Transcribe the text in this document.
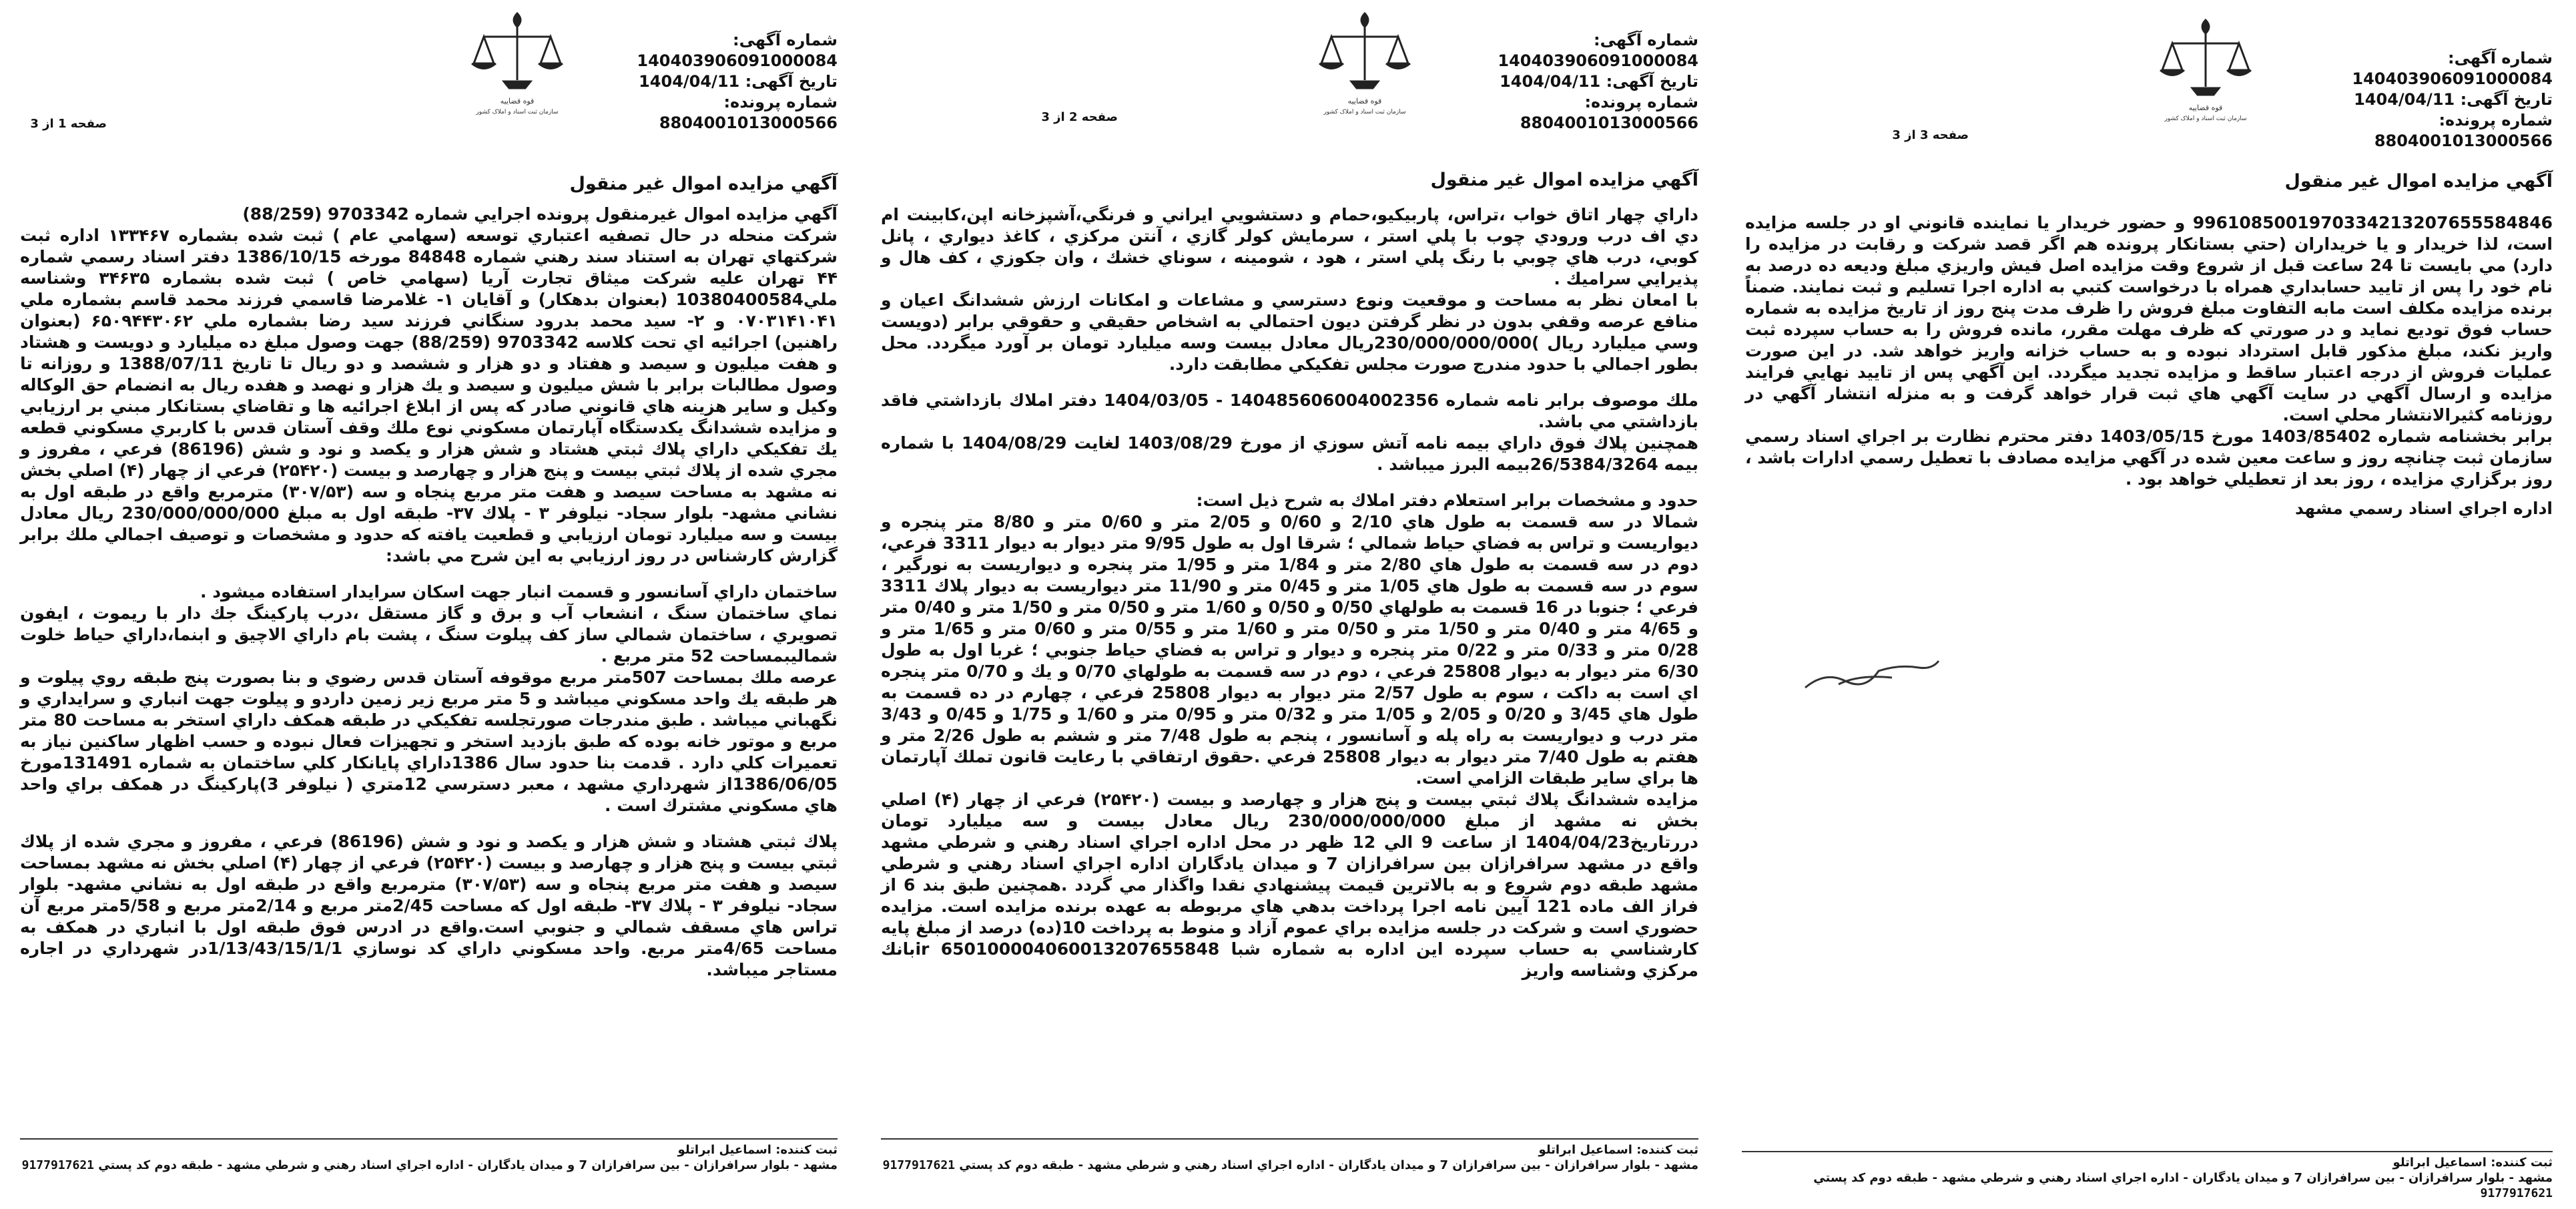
شماره آگهی: 140403906091000084
تاریخ آگهی: 1404/04/11
شماره پرونده: 8804001013000566
قوه قضاييه
سازمان ثبت اسناد و املاک کشور
صفحه 3 از 3
آگهي مزايده اموال غير منقول

9961085001970334213207655584846 و حضور خريدار يا نماينده قانوني او در جلسه مزايده است، لذا خريدار و يا خريداران (حتي بستانكار پرونده هم اگر قصد شركت و رقابت در مزايده را دارد) مي بايست تا 24 ساعت قبل از شروع وقت مزايده اصل فيش واريزي مبلغ وديعه ده درصد به نام خود را پس از تاييد حسابداري همراه با درخواست كتبي به اداره اجرا تسليم و ثبت نمايند. ضمناً برنده مزايده مكلف است مابه التفاوت مبلغ فروش را ظرف مدت پنج روز از تاريخ مزايده به شماره حساب فوق توديع نمايد و در صورتي كه ظرف مهلت مقرر، مانده فروش را به حساب سپرده ثبت واريز نكند، مبلغ مذكور قابل استرداد نبوده و به حساب خزانه واريز خواهد شد. در اين صورت عمليات فروش از درجه اعتبار ساقط و مزايده تجديد ميگردد. اين آگهي پس از تاييد نهايي فرايند مزايده و ارسال آگهي در سايت آگهي هاي ثبت قرار خواهد گرفت و به منزله انتشار آگهي در روزنامه كثيرالانتشار محلي است.

برابر بخشنامه شماره 1403/85402 مورخ 1403/05/15 دفتر محترم نظارت بر اجراي اسناد رسمي سازمان ثبت چنانچه روز و ساعت معين شده در آگهي مزايده مصادف با تعطيل رسمي ادارات باشد ، روز برگزاري مزايده ، روز بعد از تعطيلي خواهد بود .

اداره اجراي اسناد رسمي مشهد

ثبت كننده: اسماعيل ابراتلو
مشهد - بلوار سرافرازان - بين سرافرازان 7 و ميدان يادگاران - اداره اجراي اسناد رهني و شرطي مشهد - طبقه دوم كد پستي 9177917621
شماره آگهی: 140403906091000084
تاریخ آگهی: 1404/04/11
شماره پرونده: 8804001013000566
قوه قضاييه
سازمان ثبت اسناد و املاک کشور
صفحه 2 از 3
آگهي مزايده اموال غير منقول

داراي چهار اتاق خواب ،تراس، پاربيكيو،حمام و دستشويي ايراني و فرنگي،آشپزخانه اپن،كابينت ام دي اف درب ورودي چوب با پلي استر ، سرمايش كولر گازي ، آنتن مركزي ، كاغذ ديواري ، پانل كوبي، درب هاي چوبي با رنگ پلي استر ، هود ، شومينه ، سوناي خشك ، وان جكوزي ، كف هال و پذيرايي سراميك .

با امعان نظر به مساحت و موقعيت ونوع دسترسي و مشاعات و امكانات ارزش ششدانگ اعيان و منافع عرصه وقفي بدون در نظر گرفتن ديون احتمالي به اشخاص حقيقي و حقوقي برابر (دويست وسي ميليارد ريال )230/000/000/000ريال معادل بيست وسه ميليارد تومان بر آورد ميگردد. محل بطور اجمالي با حدود مندرج صورت مجلس تفكيكي مطابقت دارد.

ملك موصوف برابر نامه شماره 140485606004002356 - 1404/03/05 دفتر املاك بازداشتي فاقد بازداشتي مي باشد.

همچنين پلاك فوق داراي بيمه نامه آتش سوزي از مورخ 1403/08/29 لغايت 1404/08/29 با شماره بيمه 26/5384/3264بيمه البرز ميباشد .

حدود و مشخصات برابر استعلام دفتر املاك به شرح ذيل است:

شمالا در سه قسمت به طول هاي 2/10 و 0/60 و 2/05 متر و 0/60 متر و 8/80 متر پنجره و ديواريست و تراس به فضاي حياط شمالي ؛ شرقا اول به طول 9/95 متر ديوار به ديوار 3311 فرعي، دوم در سه قسمت به طول هاي 2/80 متر و 1/84 متر و 1/95 متر پنجره و ديواريست به نورگير ، سوم در سه قسمت به طول هاي 1/05 متر و 0/45 متر و 11/90 متر ديواريست به ديوار پلاك 3311 فرعي ؛ جنوبا در 16 قسمت به طولهاي 0/50 و 0/50 و 1/60 متر و 0/50 متر و 1/50 متر و 0/40 متر و 4/65 متر و 0/40 متر و 1/50 متر و 0/50 متر و 1/60 متر و 0/55 متر و 0/60 متر و 1/65 متر و 0/28 متر و 0/33 متر و 0/22 متر پنجره و ديوار و تراس به فضاي حياط جنوبي ؛ غربا اول به طول 6/30 متر ديوار به ديوار 25808 فرعي ، دوم در سه قسمت به طولهاي 0/70 و يك و 0/70 متر پنجره اي است به داكت ، سوم به طول 2/57 متر ديوار به ديوار 25808 فرعي ، چهارم در ده قسمت به طول هاي 3/45 و 0/20 و 2/05 و 1/05 متر و 0/32 متر و 0/95 متر و 1/60 و 1/75 و 0/45 و 3/43 متر درب و ديواريست به راه پله و آسانسور ، پنجم به طول 7/48 متر و ششم به طول 2/26 متر و هفتم به طول 7/40 متر ديوار به ديوار 25808 فرعي .حقوق ارتفاقي با رعايت قانون تملك آپارتمان ها براي ساير طبقات الزامي است.

مزايده ششدانگ پلاك ثبتي بيست و پنج هزار و چهارصد و بيست (۲۵۴۲۰) فرعي از چهار (۴) اصلي بخش نه مشهد از مبلغ 230/000/000/000 ريال معادل بيست و سه ميليارد تومان دررتاريخ1404/04/23 از ساعت 9 الي 12 ظهر در محل اداره اجراي اسناد رهني و شرطي مشهد واقع در مشهد سرافرازان بين سرافرازان 7 و ميدان يادگاران اداره اجراي اسناد رهني و شرطي مشهد طبقه دوم شروع و به بالاترين قيمت پيشنهادي نقدا واگذار مي گردد .همچنين طبق بند 6 از فراز الف ماده 121 آيين نامه اجرا پرداخت بدهي هاي مربوطه به عهده برنده مزايده است. مزايده حضوري است و شركت در جلسه مزايده براي عموم آزاد و منوط به پرداخت 10(ده) درصد از مبلغ پايه كارشناسي به حساب سپرده اين اداره به شماره شبا ir 650100004060013207655848بانك مركزي وشناسه واريز

ثبت كننده: اسماعيل ابراتلو
مشهد - بلوار سرافرازان - بين سرافرازان 7 و ميدان يادگاران - اداره اجراي اسناد رهني و شرطي مشهد - طبقه دوم كد پستي 9177917621
شماره آگهی: 140403906091000084
تاریخ آگهی: 1404/04/11
شماره پرونده: 8804001013000566
قوه قضاييه
سازمان ثبت اسناد و املاک کشور
صفحه 1 از 3
آگهي مزايده اموال غير منقول

آگهي مزايده اموال غيرمنقول پرونده اجرايي شماره 9703342 (88/259)

شركت منحله در حال تصفيه اعتباري توسعه (سهامي عام ) ثبت شده بشماره ۱۳۳۴۶۷ اداره ثبت شركتهاي تهران به استناد سند رهني شماره 84848 مورخه 1386/10/15 دفتر اسناد رسمي شماره ۴۴ تهران عليه شركت ميثاق تجارت آريا (سهامي خاص ) ثبت شده بشماره ۳۴۶۳۵ وشناسه ملي10380400584 (بعنوان بدهكار) و آقايان ۱- غلامرضا قاسمي فرزند محمد قاسم بشماره ملي ۰۷۰۳۱۴۱۰۴۱ و ۲- سيد محمد بدرود سنگاني فرزند سيد رضا بشماره ملي ۶۵۰۹۴۴۳۰۶۲ (بعنوان راهنين) اجرائيه اي تحت كلاسه 9703342 (88/259) جهت وصول مبلغ ده ميليارد و دويست و هشتاد و هفت ميليون و سيصد و هفتاد و دو هزار و ششصد و دو ريال تا تاريخ 1388/07/11 و روزانه تا وصول مطالبات برابر با شش ميليون و سيصد و يك هزار و نهصد و هفده ريال به انضمام حق الوكاله وكيل و ساير هزينه هاي قانوني صادر كه پس از ابلاغ اجرائيه ها و تقاضاي بستانكار مبني بر ارزيابي و مزايده ششدانگ يكدستگاه آپارتمان مسكوني نوع ملك وقف آستان قدس با كاربري مسكوني قطعه يك تفكيكي داراي پلاك ثبتي هشتاد و شش هزار و يكصد و نود و شش (86196) فرعي ، مفروز و مجري شده از پلاك ثبتي بيست و پنج هزار و چهارصد و بيست (۲۵۴۲۰) فرعي از چهار (۴) اصلي بخش نه مشهد به مساحت سيصد و هفت متر مربع پنجاه و سه (۳۰۷/۵۳) مترمربع واقع در طبقه اول به نشاني مشهد- بلوار سجاد- نيلوفر ۳ - پلاك ۳۷- طبقه اول به مبلغ 230/000/000/000 ريال معادل بيست و سه ميليارد تومان ارزيابي و قطعيت يافته كه حدود و مشخصات و توصيف اجمالي ملك برابر گزارش كارشناس در روز ارزيابي به اين شرح مي باشد:

ساختمان داراي آسانسور و قسمت انبار جهت اسكان سرايدار استفاده ميشود .

نماي ساختمان سنگ ، انشعاب آب و برق و گاز مستقل ،درب پاركينگ جك دار با ريموت ، ايفون تصويري ، ساختمان شمالي ساز كف پيلوت سنگ ، پشت بام داراي الاچيق و ابنما،داراي حياط خلوت شماليبمساحت 52 متر مربع .

عرصه ملك بمساحت 507متر مربع موقوفه آستان قدس رضوي و بنا بصورت پنج طبقه روي پيلوت و هر طبقه يك واحد مسكوني ميباشد و 5 متر مربع زير زمين داردو و پيلوت جهت انباري و سرايداري و نگهباني ميباشد . طبق مندرجات صورتجلسه تفكيكي در طبقه همكف داراي استخر به مساحت 80 متر مربع و موتور خانه بوده كه طبق بازديد استخر و تجهيزات فعال نبوده و حسب اظهار ساكنين نياز به تعميرات كلي دارد . قدمت بنا حدود سال 1386داراي پايانكار كلي ساختمان به شماره 131491مورخ 1386/06/05از شهرداري مشهد ، معبر دسترسي 12متري ( نيلوفر 3)پاركينگ در همكف براي واحد هاي مسكوني مشترك است .

پلاك ثبتي هشتاد و شش هزار و يكصد و نود و شش (86196) فرعي ، مفروز و مجري شده از پلاك ثبتي بيست و پنج هزار و چهارصد و بيست (۲۵۴۲۰) فرعي از چهار (۴) اصلي بخش نه مشهد بمساحت سيصد و هفت متر مربع پنجاه و سه (۳۰۷/۵۳) مترمربع واقع در طبقه اول به نشاني مشهد- بلوار سجاد- نيلوفر ۳ - پلاك ۳۷- طبقه اول كه مساحت 2/45متر مربع و 2/14متر مربع و 5/58متر مربع آن تراس هاي مسقف شمالي و جنوبي است.واقع در ادرس فوق طبقه اول با انباري در همكف به مساحت 4/65متر مربع. واحد مسكوني داراي كد نوسازي 1/13/43/15/1/1در شهرداري در اجاره مستاجر ميباشد.

ثبت كننده: اسماعيل ابراتلو
مشهد - بلوار سرافرازان - بين سرافرازان 7 و ميدان يادگاران - اداره اجراي اسناد رهني و شرطي مشهد - طبقه دوم كد پستي 9177917621
